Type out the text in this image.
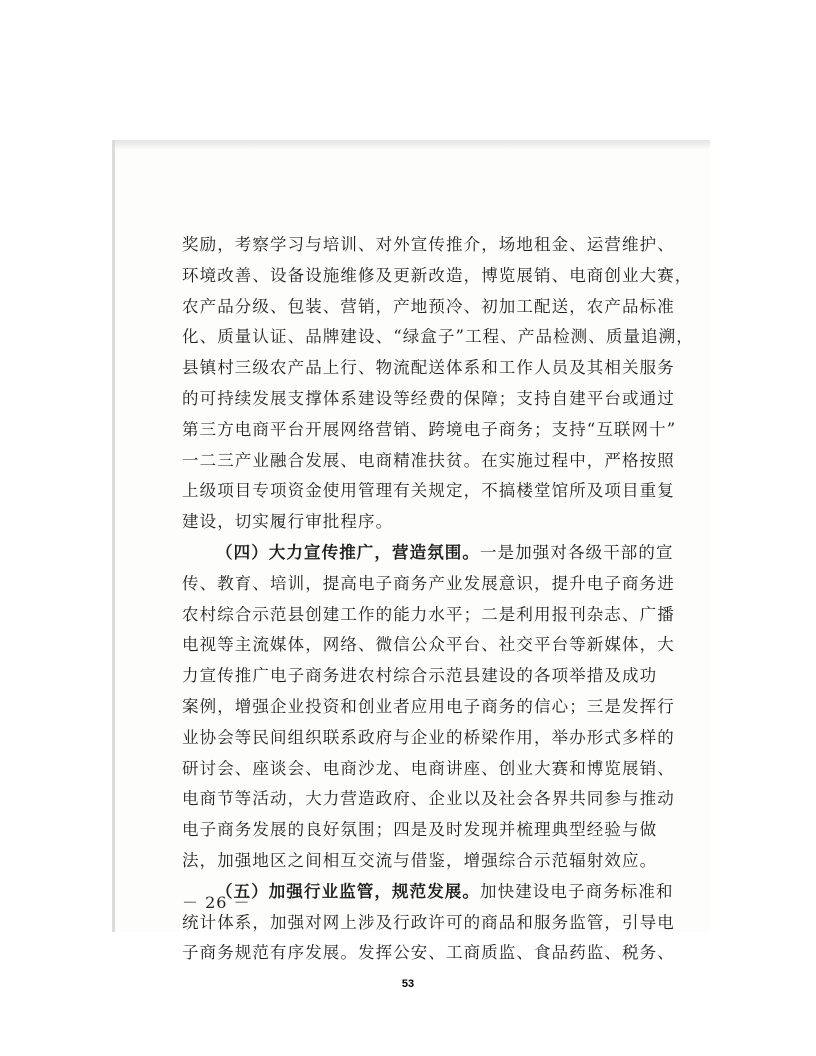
奖励，考察学习与培训、对外宣传推介，场地租金、运营维护、

环境改善、设备设施维修及更新改造，博览展销、电商创业大赛，

农产品分级、包装、营销，产地预冷、初加工配送，农产品标准

化、质量认证、品牌建设、“绿盒子”工程、产品检测、质量追溯，

县镇村三级农产品上行、物流配送体系和工作人员及其相关服务

的可持续发展支撑体系建设等经费的保障；支持自建平台或通过

第三方电商平台开展网络营销、跨境电子商务；支持“互联网十”

一二三产业融合发展、电商精准扶贫。在实施过程中，严格按照

上级项目专项资金使用管理有关规定，不搞楼堂馆所及项目重复

建设，切实履行审批程序。

（四）大力宣传推广，营造氛围。一是加强对各级干部的宣

传、教育、培训，提高电子商务产业发展意识，提升电子商务进

农村综合示范县创建工作的能力水平；二是利用报刊杂志、广播

电视等主流媒体，网络、微信公众平台、社交平台等新媒体，大

力宣传推广电子商务进农村综合示范县建设的各项举措及成功

案例，增强企业投资和创业者应用电子商务的信心；三是发挥行

业协会等民间组织联系政府与企业的桥梁作用，举办形式多样的

研讨会、座谈会、电商沙龙、电商讲座、创业大赛和博览展销、

电商节等活动，大力营造政府、企业以及社会各界共同参与推动

电子商务发展的良好氛围；四是及时发现并梳理典型经验与做

法，加强地区之间相互交流与借鉴，增强综合示范辐射效应。

（五）加强行业监管，规范发展。加快建设电子商务标准和

统计体系，加强对网上涉及行政许可的商品和服务监管，引导电

子商务规范有序发展。发挥公安、工商质监、食品药监、税务、

－ 26 －
53
